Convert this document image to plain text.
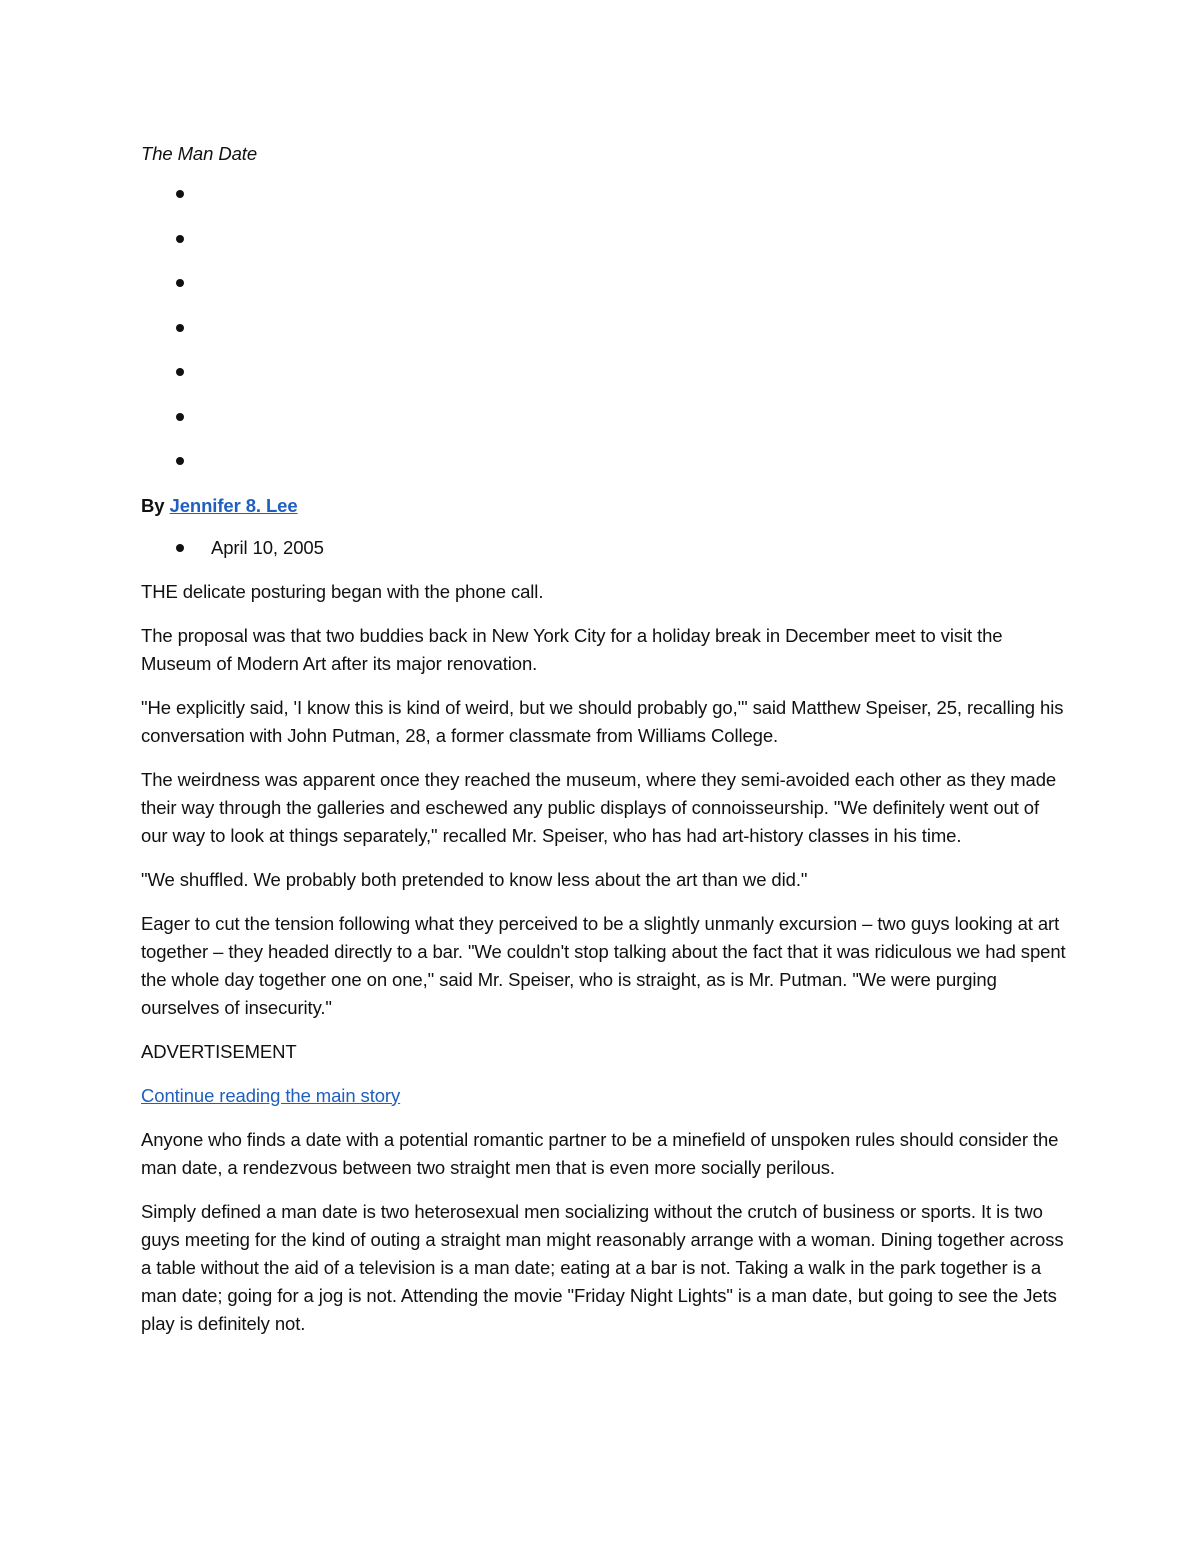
The Man Date
By Jennifer 8. Lee
April 10, 2005

THE delicate posturing began with the phone call.

The proposal was that two buddies back in New York City for a holiday break in December meet to visit the Museum of Modern Art after its major renovation.

"He explicitly said, 'I know this is kind of weird, but we should probably go,'" said Matthew Speiser, 25, recalling his conversation with John Putman, 28, a former classmate from Williams College.

The weirdness was apparent once they reached the museum, where they semi-avoided each other as they made their way through the galleries and eschewed any public displays of connoisseurship. "We definitely went out of our way to look at things separately," recalled Mr. Speiser, who has had art-history classes in his time.

"We shuffled. We probably both pretended to know less about the art than we did."

Eager to cut the tension following what they perceived to be a slightly unmanly excursion – two guys looking at art together – they headed directly to a bar. "We couldn't stop talking about the fact that it was ridiculous we had spent the whole day together one on one," said Mr. Speiser, who is straight, as is Mr. Putman. "We were purging ourselves of insecurity."

ADVERTISEMENT

Continue reading the main story

Anyone who finds a date with a potential romantic partner to be a minefield of unspoken rules should consider the man date, a rendezvous between two straight men that is even more socially perilous.

Simply defined a man date is two heterosexual men socializing without the crutch of business or sports. It is two guys meeting for the kind of outing a straight man might reasonably arrange with a woman. Dining together across a table without the aid of a television is a man date; eating at a bar is not. Taking a walk in the park together is a man date; going for a jog is not. Attending the movie "Friday Night Lights" is a man date, but going to see the Jets play is definitely not.
